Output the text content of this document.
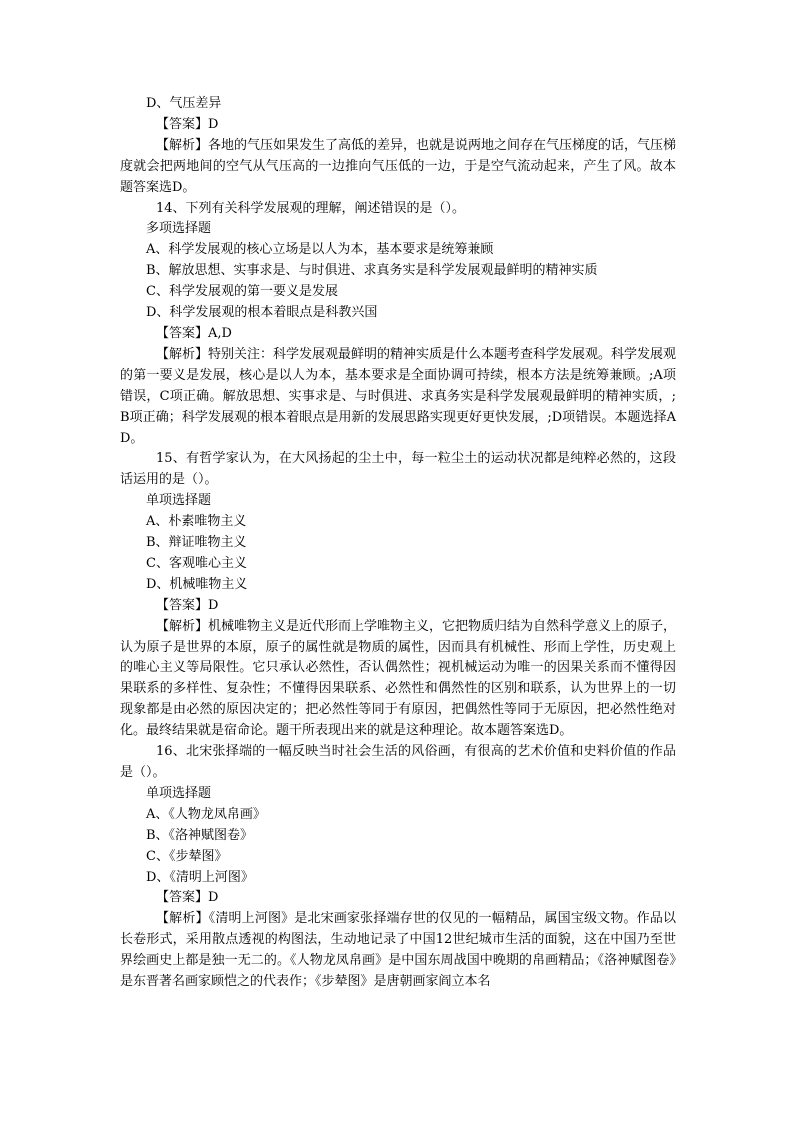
D、气压差异

【答案】D

【解析】各地的气压如果发生了高低的差异，也就是说两地之间存在气压梯度的话，气压梯度就会把两地间的空气从气压高的一边推向气压低的一边，于是空气流动起来，产生了风。故本题答案选D。

14、下列有关科学发展观的理解，阐述错误的是（）。

多项选择题

A、科学发展观的核心立场是以人为本，基本要求是统筹兼顾

B、解放思想、实事求是、与时俱进、求真务实是科学发展观最鲜明的精神实质

C、科学发展观的第一要义是发展

D、科学发展观的根本着眼点是科教兴国

【答案】A,D

【解析】特别关注：科学发展观最鲜明的精神实质是什么本题考查科学发展观。科学发展观的第一要义是发展，核心是以人为本，基本要求是全面协调可持续，根本方法是统筹兼顾。;A项错误，C项正确。解放思想、实事求是、与时俱进、求真务实是科学发展观最鲜明的精神实质，;B项正确；科学发展观的根本着眼点是用新的发展思路实现更好更快发展，;D项错误。本题选择AD。

15、有哲学家认为，在大风扬起的尘土中，每一粒尘土的运动状况都是纯粹必然的，这段话运用的是（）。

单项选择题

A、朴素唯物主义

B、辩证唯物主义

C、客观唯心主义

D、机械唯物主义

【答案】D

【解析】机械唯物主义是近代形而上学唯物主义，它把物质归结为自然科学意义上的原子，认为原子是世界的本原，原子的属性就是物质的属性，因而具有机械性、形而上学性，历史观上的唯心主义等局限性。它只承认必然性，否认偶然性；视机械运动为唯一的因果关系而不懂得因果联系的多样性、复杂性；不懂得因果联系、必然性和偶然性的区别和联系，认为世界上的一切现象都是由必然的原因决定的；把必然性等同于有原因，把偶然性等同于无原因，把必然性绝对化。最终结果就是宿命论。题干所表现出来的就是这种理论。故本题答案选D。

16、北宋张择端的一幅反映当时社会生活的风俗画，有很高的艺术价值和史料价值的作品是（）。

单项选择题

A、《人物龙凤帛画》

B、《洛神赋图卷》

C、《步辇图》

D、《清明上河图》

【答案】D

【解析】《清明上河图》是北宋画家张择端存世的仅见的一幅精品，属国宝级文物。作品以长卷形式，采用散点透视的构图法，生动地记录了中国12世纪城市生活的面貌，这在中国乃至世界绘画史上都是独一无二的。《人物龙凤帛画》是中国东周战国中晚期的帛画精品；《洛神赋图卷》是东晋著名画家顾恺之的代表作；《步辇图》是唐朝画家阎立本名
